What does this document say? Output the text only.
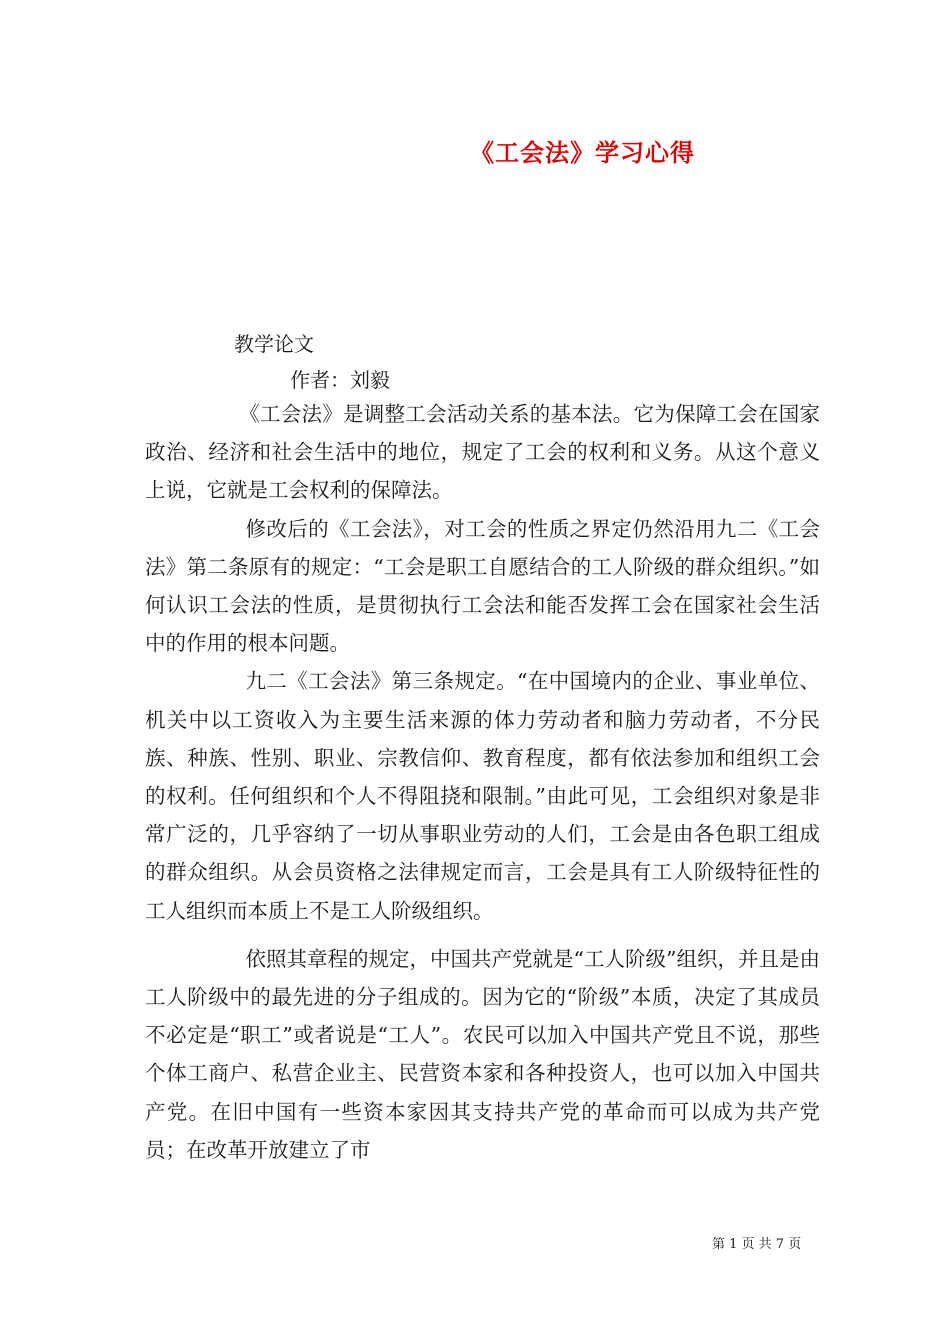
《工会法》学习心得
教学论文
作者：刘毅

《工会法》是调整工会活动关系的基本法。它为保障工会在国家政治、经济和社会生活中的地位，规定了工会的权利和义务。从这个意义上说，它就是工会权利的保障法。

修改后的《工会法》，对工会的性质之界定仍然沿用九二《工会法》第二条原有的规定：“工会是职工自愿结合的工人阶级的群众组织。”如何认识工会法的性质，是贯彻执行工会法和能否发挥工会在国家社会生活中的作用的根本问题。

九二《工会法》第三条规定。“在中国境内的企业、事业单位、机关中以工资收入为主要生活来源的体力劳动者和脑力劳动者，不分民族、种族、性别、职业、宗教信仰、教育程度，都有依法参加和组织工会的权利。任何组织和个人不得阻挠和限制。”由此可见，工会组织对象是非常广泛的，几乎容纳了一切从事职业劳动的人们，工会是由各色职工组成的群众组织。从会员资格之法律规定而言，工会是具有工人阶级特征性的工人组织而本质上不是工人阶级组织。

依照其章程的规定，中国共产党就是“工人阶级”组织，并且是由工人阶级中的最先进的分子组成的。因为它的“阶级”本质，决定了其成员不必定是“职工”或者说是“工人”。农民可以加入中国共产党且不说，那些个体工商户、私营企业主、民营资本家和各种投资人，也可以加入中国共产党。在旧中国有一些资本家因其支持共产党的革命而可以成为共产党员；在改革开放建立了市

第 1 页 共 7 页
